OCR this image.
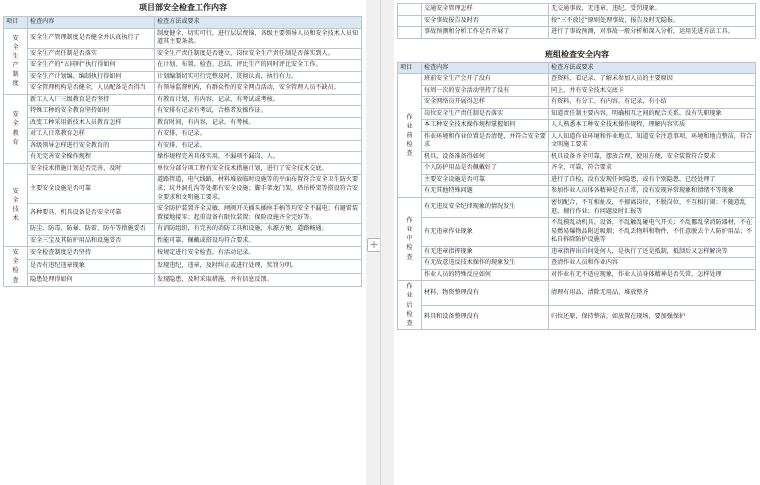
项目部安全检查工作内容
项目	检查内容	检查方法或要求
安全生产制度	安全生产管理制度是否健全并认真执行了	制度健全，切实可行，进行层层费锦，各级主要领导人员和安全技术人员知道其主要条款。
	安全生产责任制是否落实	安全生产责任制度是否建立，岗位安全生产责任制是否落实到人。
	安全生产的“五同时”执行得如何	在计划、布置、检查、总结、评比生产的同时评比安全工作。
	安全生产计划编、编制执行得如何	计划编制切实可行完整及时，贯彻认真，执行有力。
	安全管理机构是否健全，人员配备是否得当	有领导监督机构，有群众性的安全网点活动，安全管理人员不缺员。
安全教育	新工人入厂三级教育是否坚持	有教育计划，有内容，记录，有考试或考核。
	特殊工种的安全教育坚持如何	有安排有记录有考试，合格者发操作证。
	改变工种采用新技术人员教育怎样	教育时间，有内容，记录，有考核。
	对工人日常教育怎样	有安排、有记录。
	各级领导怎样进行安全教育的	有安排、有记录。
	有无完善安全操作规程	操作规程完善具体实用，不漏项不漏岗、人。
安全技术	安全技术措施计划是否完善、及时	单位分部分项工程有安全技术措施计划，进行了安全技术交底。
	主要安全设施是否可靠	道路管道，电气线路，材料堆放临时设施等的平面布置符合安全卫生防火要求；坑井洞孔沟等处都有安全设施；脚手架龙门架，塔吊桥架等搭设符合安全要求和文明施工要求。
	各种要具、机具设备是否安全可靠	安全防护装置齐全灵敏、闸阀开关插头插座手柄等均安全不漏电；有避雷装置接地接零；起重设备有限位装置；保险设施齐全完好等。
	防尘、防毒、防暴、防雷、防车等措施妥否	有消防组织，有完善的消防工具和设施，水源方便，道路畅通。
	安全三宝及其防护用品和设施妥否	性能可靠，佩戴或搭设均符合要求。
安全检查	安全检查制度是否坚持	按规定进行安全检查，有活动记录。
	是否有违纪违章现象	发现违纪，违章，及时纠正或进行处理，奖罚分明。
	隐患处理得如何	发现隐患，及时采取措施，并有信息反馈。
+
	交通安全管理怎样	无交通事故，无违章、违纪、受罚现象。
	安全事故报告及时否	按“三不放过”原则处理事故，报告及时无隐报。
	事故预测和分析工作是否开展了	进行了事故预测，对事故一般分析和深入分析，运用先进方法工具。
班组检查安全内容
项目	检查内容	检查方法或要求
作业前检查	班前安全生产会开了没有	查资料、看记录、了解未参加人员的主要原因
	每周一次的安全活动坚持了没有	同上，并有安全技术交底卡
	安全网络员开展得怎样	有资料、有分工、有内容、有记录、有小结
	岗位安全生产责任制是否落实	知道责任制主要内容，明确相互之间的配合关系，没有失职现象
	本工种安全技术操作规程掌握如何	人人熟悉本工种安全技术操作规程，理解内容实质
	作业环境和作业位置是否清楚，并符合安全要求	人人知道作业环境和作业地点，知道安全注意事项，环境和地点整洁，符合文明施工要求
	机具、设备准备得如何	机具设备齐全可靠，摆放合理，使用方便，安全装置符合要求
	个人防护用品是否佩戴好了	齐全，可靠，符合要求
	主要安全设施是否可靠	进行了自检，没有发现任何隐患，或有个别隐患，已经处理了
	有无其他特殊问题	参加作业人员体各精神是否正常，没有发现异常现象和情绪不等现象
作业中检查	有无违反安全纪律现象的情况发生	密切配合，不互相扯皮，不擅离岗位，不脱岗位，不互相打闹；不随意乱逛、擅行作业；有问题及时汇报等
	有无违章作业现象	不乱摸乱动机具、设备，不乱触乱碰电气开关；不乱挪乱拿消防器材，不在易燃易爆物品附近吸烟；不乱丢物料和物件，不任意脱去个人防护用品；不私自拆除防护设施等
	有无违章指挥现象	违章指挥出自何处何人，是执行了还是抵制，抵制后又怎样解决等
	有无故意违反技术操作的现象发生	查清作业人员和作业内容
	作业人员的特殊反应如何	对作业有无不适应现象，作业人员身体精神是否失常，怎样处理
作业后检查	材料、物资整理没有	清理有用品，清除无用品，堆放整齐
	料具和设备整理没有	归位还原，保持整洁，如放置在现场，要加强保护
